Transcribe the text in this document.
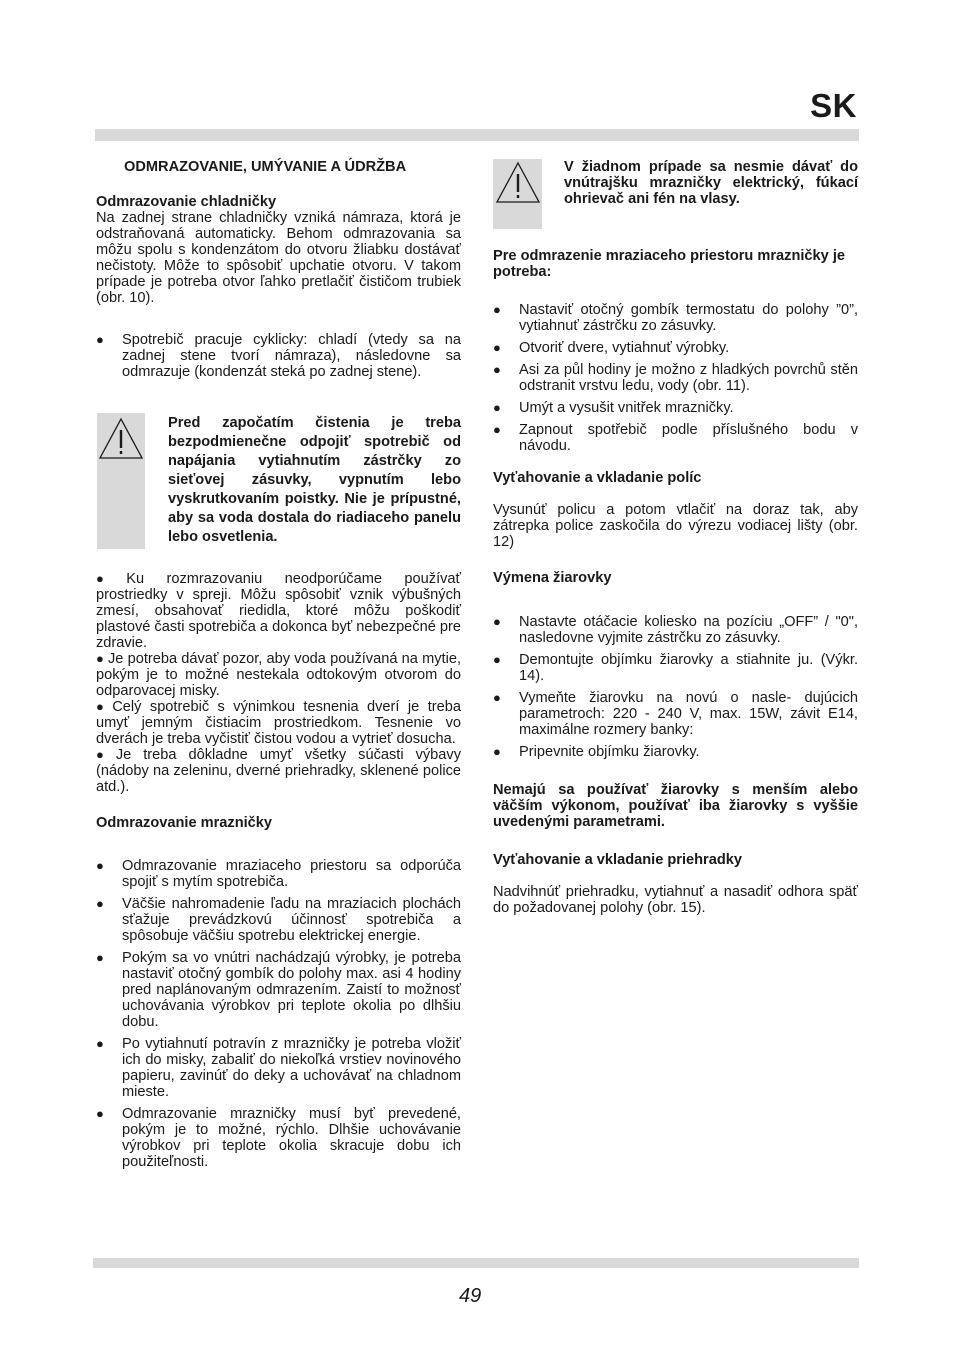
SK

ODMRAZOVANIE, UMÝVANIE A ÚDRŽBA

Odmrazovanie chladničky

Na zadnej strane chladničky vzniká námraza, ktorá je odstraňovaná automaticky. Behom odmrazovania sa môžu spolu s kondenzátom do otvoru žliabku dostávať nečistoty. Môže to spôsobiť upchatie otvoru. V takom prípade je potreba otvor ľahko pretlačiť čističom trubiek (obr. 10).

● Spotrebič pracuje cyklicky: chladí (vtedy sa na zadnej stene tvorí námraza), následovne sa odmrazuje (kondenzát steká po zadnej stene).

Pred započatím čistenia je treba bezpodmienečne odpojiť spotrebič od napájania vytiahnutím zástrčky zo sieťovej zásuvky, vypnutím lebo vyskrutkovaním poistky. Nie je prípustné, aby sa voda dostala do riadiaceho panelu lebo osvetlenia.

● Ku rozmrazovaniu neodporúčame používať prostriedky v spreji. Môžu spôsobiť vznik výbušných zmesí, obsahovať riedidla, ktoré môžu poškodiť plastové časti spotrebiča a dokonca byť nebezpečné pre zdravie.

● Je potreba dávať pozor, aby voda používaná na mytie, pokým je to možné nestekala odtokovým otvorom do odparovacej misky.

● Celý spotrebič s výnimkou tesnenia dverí je treba umyť jemným čistiacim prostriedkom. Tesnenie vo dverách je treba vyčistiť čistou vodou a vytrieť dosucha.

● Je treba dôkladne umyť všetky súčasti výbavy (nádoby na zeleninu, dverné priehradky, sklenené police atd.).

Odmrazovanie mrazničky

● Odmrazovanie mraziaceho priestoru sa odporúča spojiť s mytím spotrebiča.
● Väčšie nahromadenie ľadu na mraziacich plochách sťažuje prevádzkovú účinnosť spotrebiča a spôsobuje väčšiu spotrebu elektrickej energie.
● Pokým sa vo vnútri nachádzajú výrobky, je potreba nastaviť otočný gombík do polohy max. asi 4 hodiny pred naplánovaným odmrazením. Zaistí to možnosť uchovávania výrobkov pri teplote okolia po dlhšiu dobu.
● Po vytiahnutí potravín z mrazničky je potreba vložiť ich do misky, zabaliť do niekoľká vrstiev novinového papieru, zavinúť do deky a uchovávať na chladnom mieste.
● Odmrazovanie mrazničky musí byť prevedené, pokým je to možné, rýchlo. Dlhšie uchovávanie výrobkov pri teplote okolia skracuje dobu ich použiteľnosti.

V žiadnom prípade sa nesmie dávať do vnútrajšku mrazničky elektrický, fúkací ohrievač ani fén na vlasy.

Pre odmrazenie mraziaceho priestoru mrazničky je potreba:

● Nastaviť otočný gombík termostatu do polohy ”0”, vytiahnuť zástrčku zo zásuvky.
● Otvoriť dvere, vytiahnuť výrobky.
● Asi za půl hodiny je možno z hladkých povrchů stěn odstranit vrstvu ledu, vody (obr. 11).
● Umýt a vysušit vnitřek mrazničky.
● Zapnout spotřebič podle příslušného bodu v návodu.

Vyťahovanie a vkladanie políc

Vysunúť policu a potom vtlačiť na doraz tak, aby zátrepka police zaskočila do výrezu vodiacej lišty (obr. 12)

Výmena žiarovky

● Nastavte otáčacie koliesko na pozíciu „OFF” / "0", nasledovne vyjmite zástrčku zo zásuvky.
● Demontujte objímku žiarovky a stiahnite ju. (Výkr. 14).
● Vymeňte žiarovku na novú o nasle- dujúcich parametroch: 220 - 240 V, max. 15W, závit E14, maximálne rozmery banky:
● Pripevnite objímku žiarovky.

Nemajú sa používať žiarovky s menším alebo väčším výkonom, používať iba žiarovky s vyššie uvedenými parametrami.

Vyťahovanie a vkladanie priehradky

Nadvihnúť priehradku, vytiahnuť a nasadiť odhora späť do požadovanej polohy (obr. 15).

49
